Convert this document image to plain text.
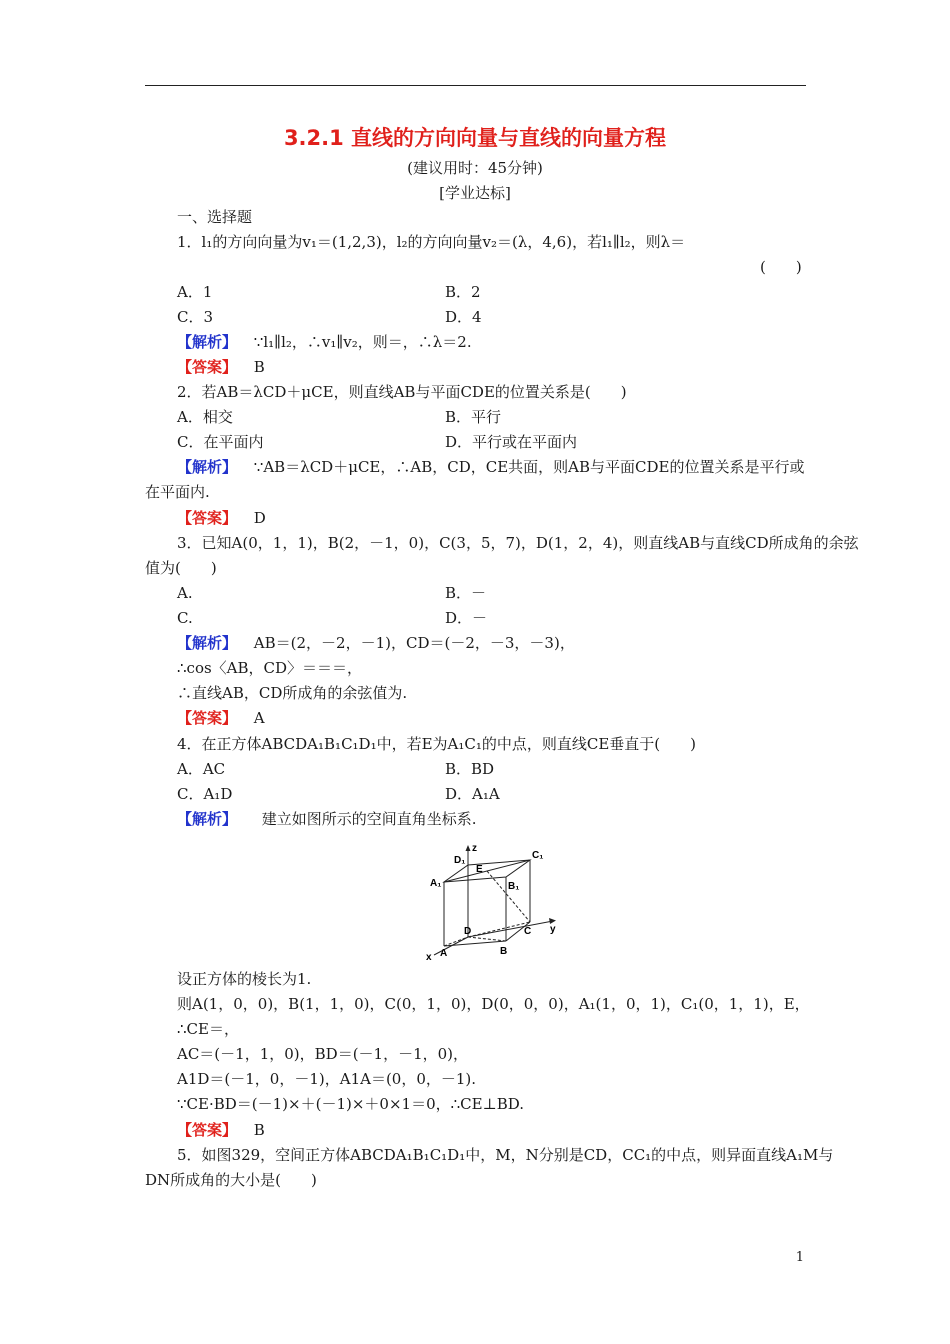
3.2.1 直线的方向向量与直线的向量方程
(建议用时：45分钟)
[学业达标]
一、选择题
1．l₁的方向向量为v₁＝(1,2,3)，l₂的方向向量v₂＝(λ，4,6)，若l₁∥l₂，则λ＝
(　　)
A．1	B．2
C．3	D．4
【解析】 ∵l₁∥l₂，∴v₁∥v₂，则＝，∴λ＝2.
【答案】 B
2．若AB＝λCD＋μCE，则直线AB与平面CDE的位置关系是(　　)
A．相交	B．平行
C．在平面内	D．平行或在平面内
【解析】 ∵AB＝λCD＋μCE，∴AB，CD，CE共面，则AB与平面CDE的位置关系是平行或
在平面内.
【答案】 D
3．已知A(0，1，1)，B(2，－1，0)，C(3，5，7)，D(1，2，4)，则直线AB与直线CD所成角的余弦
值为(　　)
A.	B．－
C.	D．－
【解析】 AB＝(2，－2，－1)，CD＝(－2，－3，－3)，
∴cos〈AB，CD〉＝＝＝，
∴直线AB，CD所成角的余弦值为.
【答案】 A
4．在正方体ABCDA₁B₁C₁D₁中，若E为A₁C₁的中点，则直线CE垂直于(　　)
A．AC	B．BD
C．A₁D	D．A₁A
【解析】 建立如图所示的空间直角坐标系.
z
y
x
D₁	C₁
A₁	B₁
E
A	B
C
D
设正方体的棱长为1.
则A(1，0，0)，B(1，1，0)，C(0，1，0)，D(0，0，0)，A₁(1，0，1)，C₁(0，1，1)，E，
∴CE＝，
AC＝(－1，1，0)，BD＝(－1，－1，0)，
A1D＝(－1，0，－1)，A1A＝(0，0，－1).
∵CE·BD＝(－1)×＋(－1)×＋0×1＝0，∴CE⊥BD.
【答案】 B
5．如图329，空间正方体ABCDA₁B₁C₁D₁中，M，N分别是CD，CC₁的中点，则异面直线A₁M与
DN所成角的大小是(　　)
1
